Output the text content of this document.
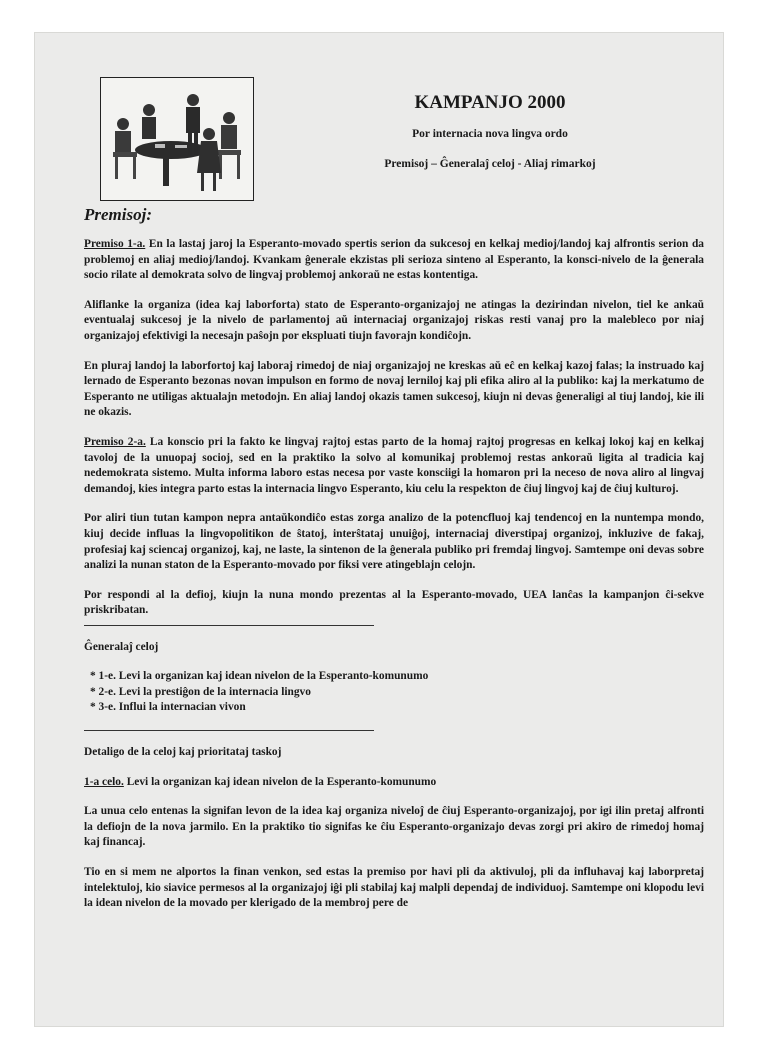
KAMPANJO 2000
Por internacia nova lingva ordo
Premisoj – Ĝeneralaĵ celoj - Aliaj rimarkoj
Premisoj:

Premiso 1-a. En la lastaj jaroj la Esperanto-movado spertis serion da sukcesoj en kelkaj medioj/landoj kaj alfrontis serion da problemoj en aliaj medioj/landoj. Kvankam ĝenerale ekzistas pli serioza sinteno al Esperanto, la konsci-nivelo de la ĝenerala socio rilate al demokrata solvo de lingvaj problemoj ankoraŭ ne estas kontentiga.

Aliflanke la organiza (idea kaj laborforta) stato de Esperanto-organizajoj ne atingas la dezirindan nivelon, tiel ke ankaŭ eventualaj sukcesoj je la nivelo de parlamentoj aŭ internaciaj organizajoj riskas resti vanaj pro la malebleco por niaj organizajoj efektivigi la necesajn paŝojn por ekspluati tiujn favorajn kondiĉojn.

En pluraj landoj la laborfortoj kaj laboraj rimedoj de niaj organizajoj ne kreskas aŭ eĉ en kelkaj kazoj falas; la instruado kaj lernado de Esperanto bezonas novan impulson en formo de novaj lerniloj kaj pli efika aliro al la publiko: kaj la merkatumo de Esperanto ne utiligas aktualajn metodojn. En aliaj landoj okazis tamen sukcesoj, kiujn ni devas ĝeneraligi al tiuj landoj, kie ili ne okazis.

Premiso 2-a. La konscio pri la fakto ke lingvaj rajtoj estas parto de la homaj rajtoj progresas en kelkaj lokoj kaj en kelkaj tavoloj de la unuopaj socioj, sed en la praktiko la solvo al komunikaj problemoj restas ankoraŭ ligita al tradicia kaj nedemokrata sistemo. Multa informa laboro estas necesa por vaste konsciigi la homaron pri la neceso de nova aliro al lingvaj demandoj, kies integra parto estas la internacia lingvo Esperanto, kiu celu la respekton de ĉiuj lingvoj kaj de ĉiuj kulturoj.

Por aliri tiun tutan kampon nepra antaŭkondiĉo estas zorga analizo de la potencfluoj kaj tendencoj en la nuntempa mondo, kiuj decide influas la lingvopolitikon de ŝtatoj, interŝtataj unuiĝoj, internaciaj diverstipaj organizoj, inkluzive de fakaj, profesiaj kaj sciencaj organizoj, kaj, ne laste, la sintenon de la ĝenerala publiko pri fremdaj lingvoj. Samtempe oni devas sobre analizi la nunan staton de la Esperanto-movado por fiksi vere atingeblajn celojn.

Por respondi al la defioj, kiujn la nuna mondo prezentas al la Esperanto-movado, UEA lanĉas la kampanjon ĉi-sekve priskribatan.

Ĝeneralaĵ celoj

* 1-e. Levi la organizan kaj idean nivelon de la Esperanto-komunumo
* 2-e. Levi la prestiĝon de la internacia lingvo
* 3-e. Influi la internacian vivon

Detaligo de la celoj kaj prioritataj taskoj

1-a celo. Levi la organizan kaj idean nivelon de la Esperanto-komunumo

La unua celo entenas la signifan levon de la idea kaj organiza niveloĵ de ĉiuj Esperanto-organizajoj, por igi ilin pretaj alfronti la defiojn de la nova jarmilo. En la praktiko tio signifas ke ĉiu Esperanto-organizajo devas zorgi pri akiro de rimedoj homaj kaj financaj.

Tio en si mem ne alportos la finan venkon, sed estas la premiso por havi pli da aktivuloj, pli da influhavaj kaj laborpretaj intelektuloj, kio siavice permesos al la organizajoj iĝi pli stabilaj kaj malpli dependaj de individuoj. Samtempe oni klopodu levi la idean nivelon de la movado per klerigado de la membroj pere de
